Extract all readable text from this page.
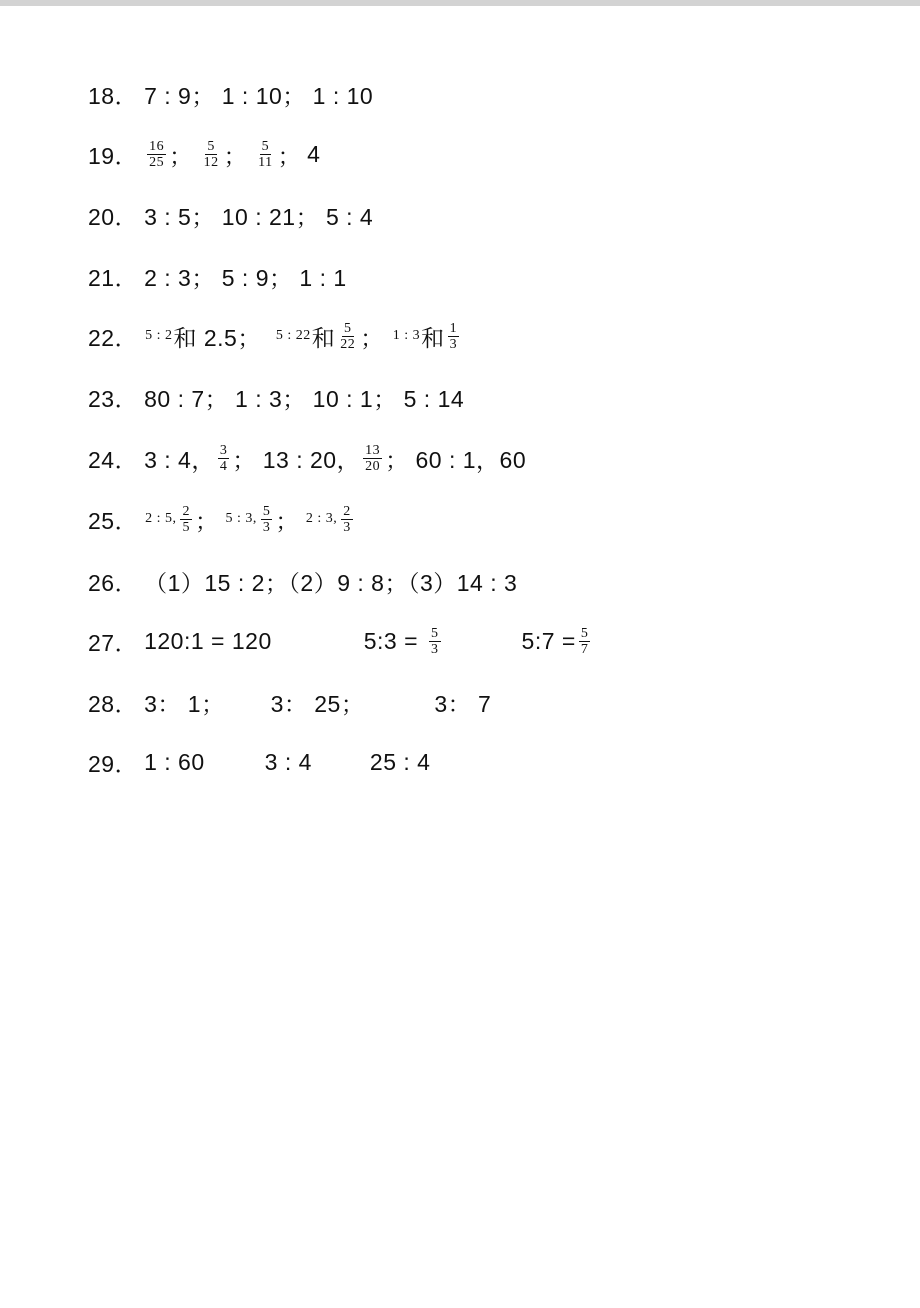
18． 7 : 9； 1 : 10； 1 : 10
19． $\frac{16}{25}$ ； $\frac{5}{12}$ ； $\frac{5}{11}$ ； 4
20． 3 : 5； 10 : 21； 5 : 4
21． 2 : 3； 5 : 9； 1 : 1
22． 5 : 2 和 2.5； 5 : 22 和 $\frac{5}{22}$ ； 1 : 3 和 $\frac{1}{3}$
23． 80 : 7； 1 : 3； 10 : 1； 5 : 14
24． 3 : 4， $\frac{3}{4}$ ； 13 : 20， $\frac{13}{20}$ ； 60 : 1，60
25． 2 : 5, $\frac{2}{5}$ ； 5 : 3, $\frac{5}{3}$ ； 2 : 3, $\frac{2}{3}$
26． （1）15 : 2；（2）9 : 8；（3）14 : 3
27． 120:1 = 120	5:3 = $\frac{5}{3}$	5:7 = $\frac{5}{7}$
28． 3： 1； 3： 25；	3： 7
29． 1 : 60	3 : 4	25 : 4
